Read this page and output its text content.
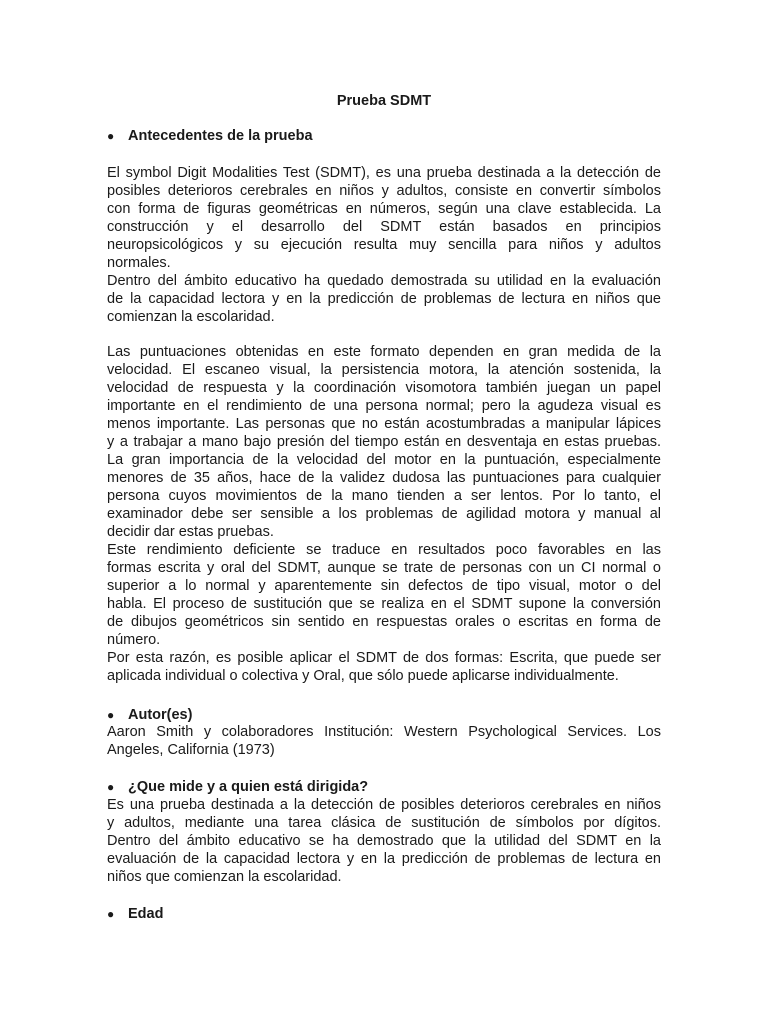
Prueba SDMT
● Antecedentes de la prueba
El symbol Digit Modalities Test (SDMT), es una prueba destinada a la detección de
posibles deterioros cerebrales en niños y adultos, consiste en convertir símbolos
con forma de figuras geométricas en números, según una clave establecida. La
construcción y el desarrollo del SDMT están basados en principios
neuropsicológicos y su ejecución resulta muy sencilla para niños y adultos
normales.
Dentro del ámbito educativo ha quedado demostrada su utilidad en la evaluación
de la capacidad lectora y en la predicción de problemas de lectura en niños que
comienzan la escolaridad.
Las puntuaciones obtenidas en este formato dependen en gran medida de la
velocidad. El escaneo visual, la persistencia motora, la atención sostenida, la
velocidad de respuesta y la coordinación visomotora también juegan un papel
importante en el rendimiento de una persona normal; pero la agudeza visual es
menos importante. Las personas que no están acostumbradas a manipular lápices
y a trabajar a mano bajo presión del tiempo están en desventaja en estas pruebas.
La gran importancia de la velocidad del motor en la puntuación, especialmente
menores de 35 años, hace de la validez dudosa las puntuaciones para cualquier
persona cuyos movimientos de la mano tienden a ser lentos. Por lo tanto, el
examinador debe ser sensible a los problemas de agilidad motora y manual al
decidir dar estas pruebas.
Este rendimiento deficiente se traduce en resultados poco favorables en las
formas escrita y oral del SDMT, aunque se trate de personas con un CI normal o
superior a lo normal y aparentemente sin defectos de tipo visual, motor o del
habla. El proceso de sustitución que se realiza en el SDMT supone la conversión
de dibujos geométricos sin sentido en respuestas orales o escritas en forma de
número.
Por esta razón, es posible aplicar el SDMT de dos formas: Escrita, que puede ser
aplicada individual o colectiva y Oral, que sólo puede aplicarse individualmente.
● Autor(es)
Aaron Smith y colaboradores Institución: Western Psychological Services. Los
Angeles, California (1973)
● ¿Que mide y a quien está dirigida?
Es una prueba destinada a la detección de posibles deterioros cerebrales en niños
y adultos, mediante una tarea clásica de sustitución de símbolos por dígitos.
Dentro del ámbito educativo se ha demostrado que la utilidad del SDMT en la
evaluación de la capacidad lectora y en la predicción de problemas de lectura en
niños que comienzan la escolaridad.
● Edad
